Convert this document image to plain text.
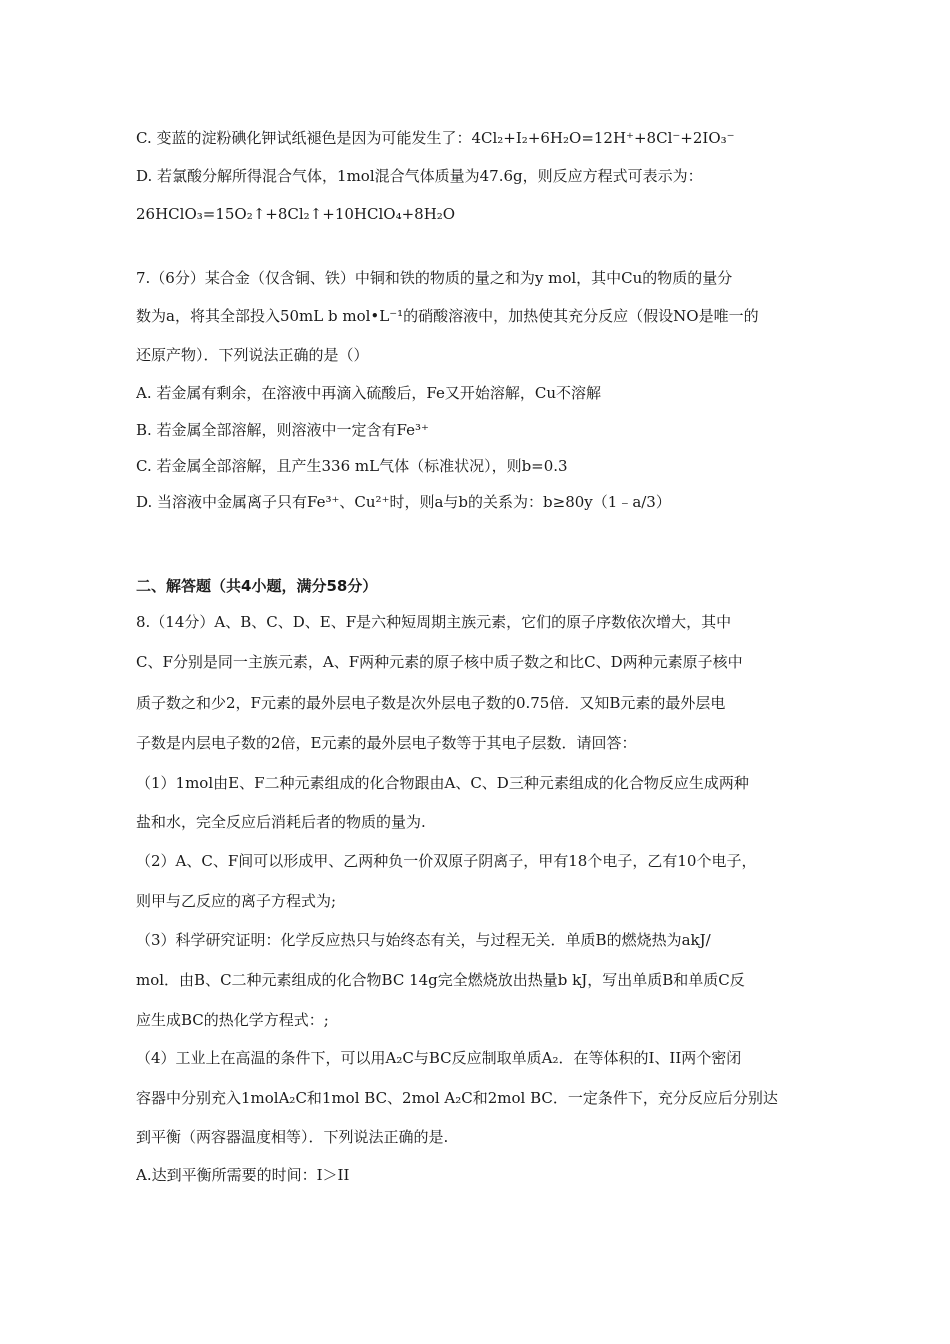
C. 变蓝的淀粉碘化钾试纸褪色是因为可能发生了：4Cl₂+I₂+6H₂O=12H⁺+8Cl⁻+2IO₃⁻
D. 若氯酸分解所得混合气体，1mol混合气体质量为47.6g，则反应方程式可表示为：
26HClO₃=15O₂↑+8Cl₂↑+10HClO₄+8H₂O
7.（6分）某合金（仅含铜、铁）中铜和铁的物质的量之和为y mol，其中Cu的物质的量分
数为a，将其全部投入50mL b mol•L⁻¹的硝酸溶液中，加热使其充分反应（假设NO是唯一的
还原产物）．下列说法正确的是（）
A. 若金属有剩余，在溶液中再滴入硫酸后，Fe又开始溶解，Cu不溶解
B. 若金属全部溶解，则溶液中一定含有Fe³⁺
C. 若金属全部溶解，且产生336 mL气体（标准状况），则b=0.3
D. 当溶液中金属离子只有Fe³⁺、Cu²⁺时，则a与b的关系为：b≥80y（1﹣a/3）
二、解答题（共4小题，满分58分）
8.（14分）A、B、C、D、E、F是六种短周期主族元素，它们的原子序数依次增大，其中
C、F分别是同一主族元素，A、F两种元素的原子核中质子数之和比C、D两种元素原子核中
质子数之和少2，F元素的最外层电子数是次外层电子数的0.75倍．又知B元素的最外层电
子数是内层电子数的2倍，E元素的最外层电子数等于其电子层数．请回答：
（1）1mol由E、F二种元素组成的化合物跟由A、C、D三种元素组成的化合物反应生成两种
盐和水，完全反应后消耗后者的物质的量为.
（2）A、C、F间可以形成甲、乙两种负一价双原子阴离子，甲有18个电子，乙有10个电子，
则甲与乙反应的离子方程式为;
（3）科学研究证明：化学反应热只与始终态有关，与过程无关．单质B的燃烧热为akJ/
mol．由B、C二种元素组成的化合物BC 14g完全燃烧放出热量b kJ，写出单质B和单质C反
应生成BC的热化学方程式：;
（4）工业上在高温的条件下，可以用A₂C与BC反应制取单质A₂．在等体积的I、II两个密闭
容器中分别充入1molA₂C和1mol BC、2mol A₂C和2mol BC．一定条件下，充分反应后分别达
到平衡（两容器温度相等）．下列说法正确的是.
A.达到平衡所需要的时间：I＞II
